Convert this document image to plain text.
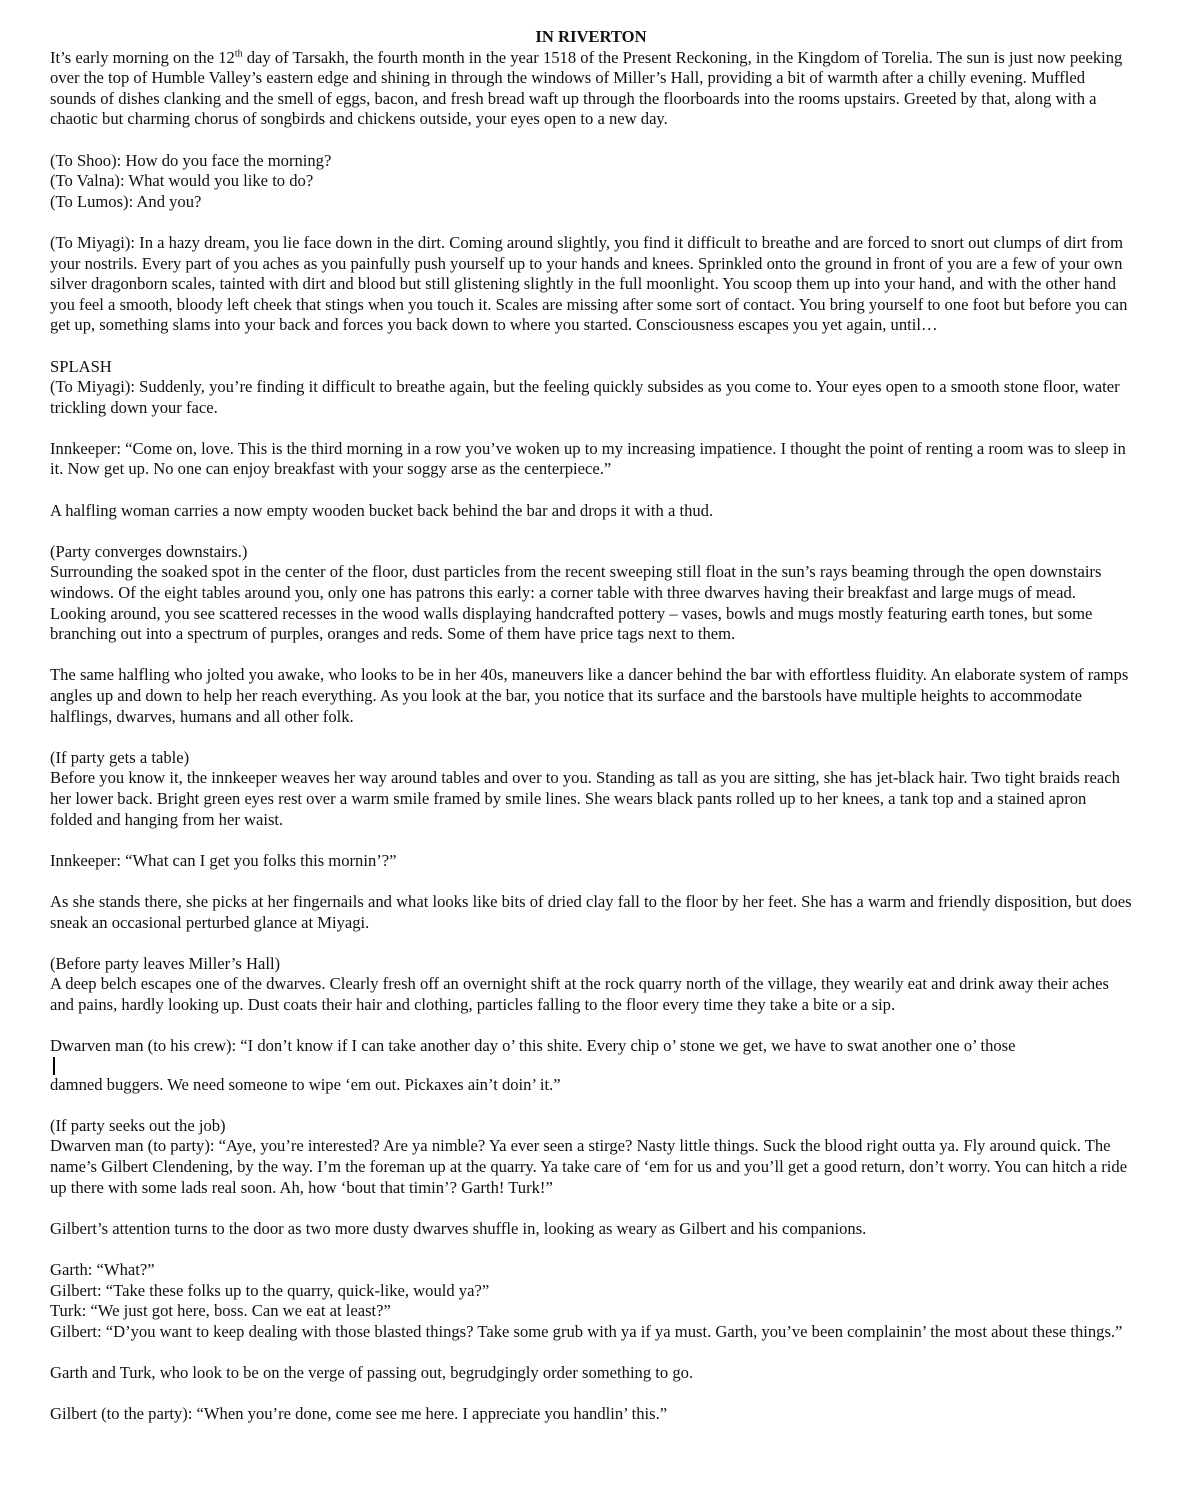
IN RIVERTON

It’s early morning on the 12th day of Tarsakh, the fourth month in the year 1518 of the Present Reckoning, in the Kingdom of Torelia. The sun is just now peeking over the top of Humble Valley’s eastern edge and shining in through the windows of Miller’s Hall, providing a bit of warmth after a chilly evening. Muffled sounds of dishes clanking and the smell of eggs, bacon, and fresh bread waft up through the floorboards into the rooms upstairs. Greeted by that, along with a chaotic but charming chorus of songbirds and chickens outside, your eyes open to a new day.

(To Shoo): How do you face the morning?
(To Valna): What would you like to do?
(To Lumos): And you?

(To Miyagi): In a hazy dream, you lie face down in the dirt. Coming around slightly, you find it difficult to breathe and are forced to snort out clumps of dirt from your nostrils. Every part of you aches as you painfully push yourself up to your hands and knees. Sprinkled onto the ground in front of you are a few of your own silver dragonborn scales, tainted with dirt and blood but still glistening slightly in the full moonlight. You scoop them up into your hand, and with the other hand you feel a smooth, bloody left cheek that stings when you touch it. Scales are missing after some sort of contact. You bring yourself to one foot but before you can get up, something slams into your back and forces you back down to where you started. Consciousness escapes you yet again, until…

SPLASH
(To Miyagi): Suddenly, you’re finding it difficult to breathe again, but the feeling quickly subsides as you come to. Your eyes open to a smooth stone floor, water trickling down your face.

Innkeeper: “Come on, love. This is the third morning in a row you’ve woken up to my increasing impatience. I thought the point of renting a room was to sleep in it. Now get up. No one can enjoy breakfast with your soggy arse as the centerpiece.”

A halfling woman carries a now empty wooden bucket back behind the bar and drops it with a thud.

(Party converges downstairs.)
Surrounding the soaked spot in the center of the floor, dust particles from the recent sweeping still float in the sun’s rays beaming through the open downstairs windows. Of the eight tables around you, only one has patrons this early: a corner table with three dwarves having their breakfast and large mugs of mead. Looking around, you see scattered recesses in the wood walls displaying handcrafted pottery – vases, bowls and mugs mostly featuring earth tones, but some branching out into a spectrum of purples, oranges and reds. Some of them have price tags next to them.

The same halfling who jolted you awake, who looks to be in her 40s, maneuvers like a dancer behind the bar with effortless fluidity. An elaborate system of ramps angles up and down to help her reach everything. As you look at the bar, you notice that its surface and the barstools have multiple heights to accommodate halflings, dwarves, humans and all other folk.

(If party gets a table)
Before you know it, the innkeeper weaves her way around tables and over to you. Standing as tall as you are sitting, she has jet-black hair. Two tight braids reach her lower back. Bright green eyes rest over a warm smile framed by smile lines. She wears black pants rolled up to her knees, a tank top and a stained apron folded and hanging from her waist.

Innkeeper: “What can I get you folks this mornin’?”

As she stands there, she picks at her fingernails and what looks like bits of dried clay fall to the floor by her feet. She has a warm and friendly disposition, but does sneak an occasional perturbed glance at Miyagi.

(Before party leaves Miller’s Hall)
A deep belch escapes one of the dwarves. Clearly fresh off an overnight shift at the rock quarry north of the village, they wearily eat and drink away their aches and pains, hardly looking up. Dust coats their hair and clothing, particles falling to the floor every time they take a bite or a sip.

Dwarven man (to his crew): “I don’t know if I can take another day o’ this shite. Every chip o’ stone we get, we have to swat another one o’ those
damned buggers. We need someone to wipe ‘em out. Pickaxes ain’t doin’ it.”

(If party seeks out the job)
Dwarven man (to party): “Aye, you’re interested? Are ya nimble? Ya ever seen a stirge? Nasty little things. Suck the blood right outta ya. Fly around quick. The name’s Gilbert Clendening, by the way. I’m the foreman up at the quarry. Ya take care of ‘em for us and you’ll get a good return, don’t worry. You can hitch a ride up there with some lads real soon. Ah, how ‘bout that timin’? Garth! Turk!”

Gilbert’s attention turns to the door as two more dusty dwarves shuffle in, looking as weary as Gilbert and his companions.

Garth: “What?”
Gilbert: “Take these folks up to the quarry, quick-like, would ya?”
Turk: “We just got here, boss. Can we eat at least?”
Gilbert: “D’you want to keep dealing with those blasted things? Take some grub with ya if ya must. Garth, you’ve been complainin’ the most about these things.”

Garth and Turk, who look to be on the verge of passing out, begrudgingly order something to go.

Gilbert (to the party): “When you’re done, come see me here. I appreciate you handlin’ this.”
